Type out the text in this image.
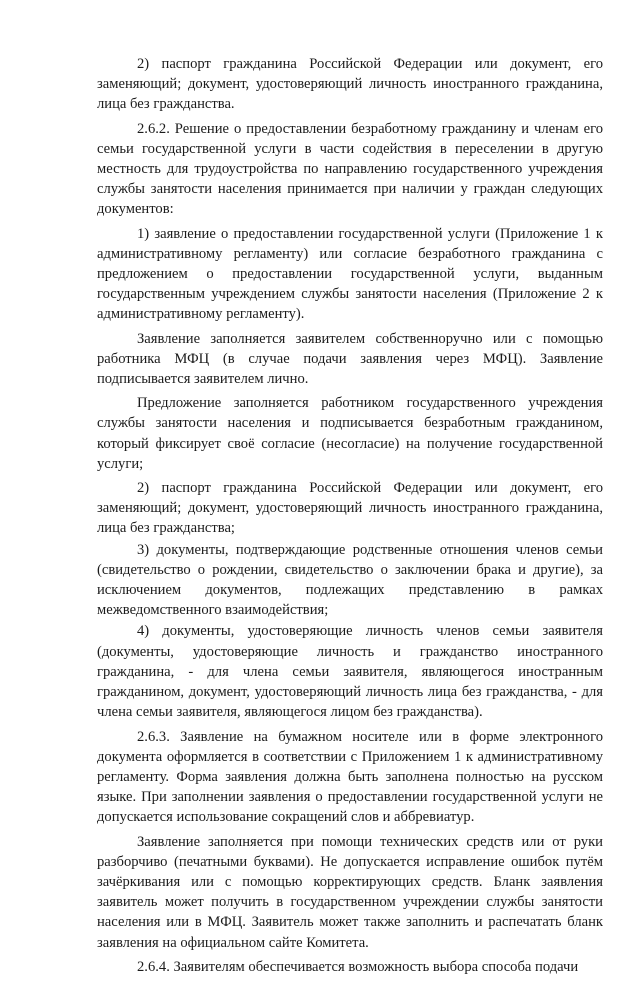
2) паспорт гражданина Российской Федерации или документ, его заменяющий; документ, удостоверяющий личность иностранного гражданина, лица без гражданства.

2.6.2. Решение о предоставлении безработному гражданину и членам его семьи государственной услуги в части содействия в переселении в другую местность для трудоустройства по направлению государственного учреждения службы занятости населения принимается при наличии у граждан следующих документов:

1) заявление о предоставлении государственной услуги (Приложение 1 к административному регламенту) или согласие безработного гражданина с предложением о предоставлении государственной услуги, выданным государственным учреждением службы занятости населения (Приложение 2 к административному регламенту).

Заявление заполняется заявителем собственноручно или с помощью работника МФЦ (в случае подачи заявления через МФЦ). Заявление подписывается заявителем лично.

Предложение заполняется работником государственного учреждения службы занятости населения и подписывается безработным гражданином, который фиксирует своё согласие (несогласие) на получение государственной услуги;

2) паспорт гражданина Российской Федерации или документ, его заменяющий; документ, удостоверяющий личность иностранного гражданина, лица без гражданства;

3) документы, подтверждающие родственные отношения членов семьи (свидетельство о рождении, свидетельство о заключении брака и другие), за исключением документов, подлежащих представлению в рамках межведомственного взаимодействия;

4) документы, удостоверяющие личность членов семьи заявителя (документы, удостоверяющие личность и гражданство иностранного гражданина, - для члена семьи заявителя, являющегося иностранным гражданином, документ, удостоверяющий личность лица без гражданства, - для члена семьи заявителя, являющегося лицом без гражданства).

2.6.3. Заявление на бумажном носителе или в форме электронного документа оформляется в соответствии с Приложением 1 к административному регламенту. Форма заявления должна быть заполнена полностью на русском языке. При заполнении заявления о предоставлении государственной услуги не допускается использование сокращений слов и аббревиатур.

Заявление заполняется при помощи технических средств или от руки разборчиво (печатными буквами). Не допускается исправление ошибок путём зачёркивания или с помощью корректирующих средств. Бланк заявления заявитель может получить в государственном учреждении службы занятости населения или в МФЦ. Заявитель может также заполнить и распечатать бланк заявления на официальном сайте Комитета.

2.6.4. Заявителям обеспечивается возможность выбора способа подачи
